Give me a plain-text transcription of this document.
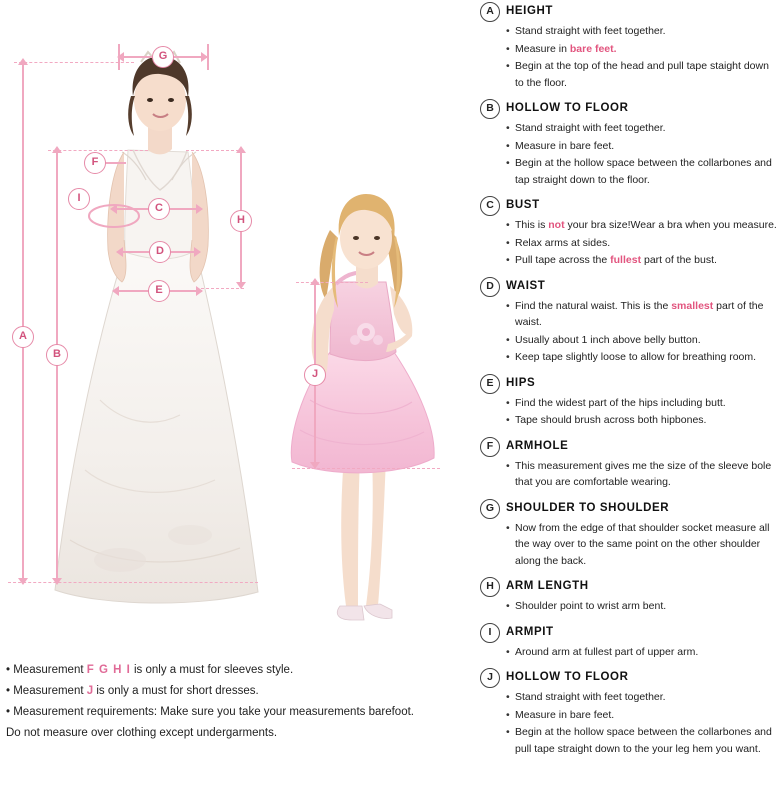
G
A
B
F
I
C
D
E
H
J
• Measurement F G H I is only a must for sleeves style.
• Measurement J is only a must for short dresses.
• Measurement requirements: Make sure you take your measurements barefoot.
Do not measure over clothing except undergarments.
A	HEIGHT
• Stand straight with feet together.
• Measure in bare feet.
• Begin at the top of the head and pull tape staight down to the floor.
B	HOLLOW TO FLOOR
• Stand straight with feet together.
• Measure in bare feet.
• Begin at the hollow space between the collarbones and tap straight down to the floor.
C	BUST
• This is not your bra size!Wear a bra when you measure.
• Relax arms at sides.
• Pull tape across the fullest part of the bust.
D	WAIST
• Find the natural waist. This is the smallest part of the waist.
• Usually about 1 inch above belly button.
• Keep tape slightly loose to allow for breathing room.
E	HIPS
• Find the widest part of the hips including butt.
• Tape should brush across both hipbones.
F	ARMHOLE
• This measurement gives me the size of the sleeve bole that you are comfortable wearing.
G	SHOULDER TO SHOULDER
• Now from the edge of that shoulder socket measure all the way over to the same point on the other shoulder along the back.
H	ARM LENGTH
• Shoulder point to wrist arm bent.
I	ARMPIT
• Around arm at fullest part of upper arm.
J	HOLLOW TO FLOOR
• Stand straight with feet together.
• Measure in bare feet.
• Begin at the hollow space between the collarbones and pull tape straight down to the your leg hem you want.
